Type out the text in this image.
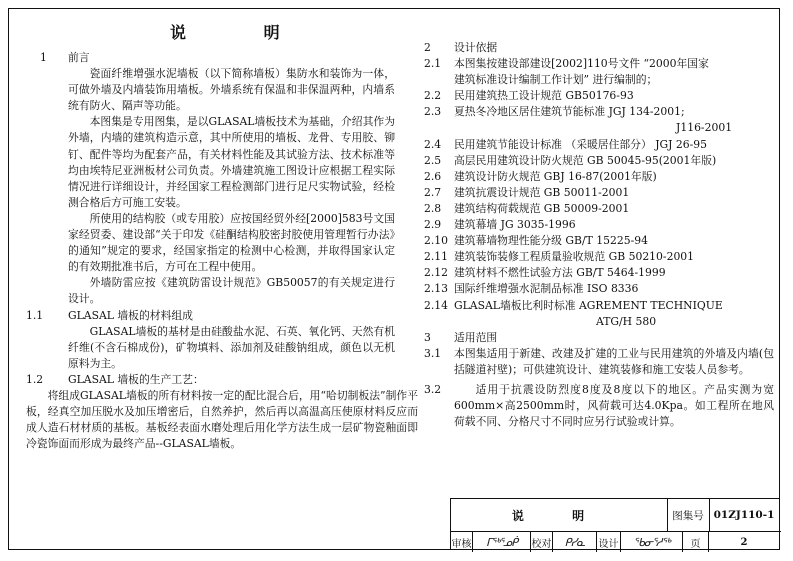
说 明
1 前言
瓷面纤维增强水泥墙板（以下简称墙板）集防水和装饰为一体，可做外墙及内墙装饰用墙板。外墙系统有保温和非保温两种，内墙系统有防火、隔声等功能。
本图集是专用图集，是以GLASAL墙板技术为基础，介绍其作为外墙，内墙的建筑构造示意，其中所使用的墙板、龙骨、专用胶、铆钉、配件等均为配套产品，有关材料性能及其试验方法、技术标准等均由埃特尼亚洲板材公司负责。外墙建筑施工图设计应根据工程实际情况进行详细设计，并经国家工程检测部门进行足尺实物试验，经检测合格后方可施工安装。
所使用的结构胶（或专用胶）应按国经贸外经[2000]583号文国家经贸委、建设部“关于印发《硅酮结构胶密封胶使用管理暂行办法》的通知”规定的要求，经国家指定的检测中心检测，并取得国家认定的有效期批准书后，方可在工程中使用。
外墙防雷应按《建筑防雷设计规范》GB50057的有关规定进行设计。
1.1 GLASAL 墙板的材料组成
GLASAL墙板的基材是由硅酸盐水泥、石英、氧化钙、天然有机纤维(不含石棉成份)，矿物填料、添加剂及硅酸钠组成，颜色以无机原料为主。
1.2 GLASAL 墙板的生产工艺：
将组成GLASAL墙板的所有材料按一定的配比混合后，用“哈切制板法”制作平板，经真空加压脱水及加压增密后，自然养护，然后再以高温高压使原材料反应而成人造石材材质的基板。基板经表面水磨处理后用化学方法生成一层矿物瓷釉面即冷瓷饰面而形成为最终产品--GLASAL墙板。
2 设计依据
2.1	本图集按建设部建设[2002]110号文件 “2000年国家
建筑标准设计编制工作计划” 进行编制的；
2.2	民用建筑热工设计规范 GB50176-93
2.3	夏热冬冷地区居住建筑节能标准 JGJ 134-2001;
J116-2001
2.4	民用建筑节能设计标准 （采暖居住部分） JGJ 26-95
2.5	高层民用建筑设计防火规范 GB 50045-95(2001年版)
2.6	建筑设计防火规范 GBJ 16-87(2001年版)
2.7	建筑抗震设计规范 GB 50011-2001
2.8	建筑结构荷载规范 GB 50009-2001
2.9	建筑幕墙 JG 3035-1996
2.10 建筑幕墙物理性能分级 GB/T 15225-94
2.11 建筑装饰装修工程质量验收规范 GB 50210-2001
2.12 建筑材料不燃性试验方法 GB/T 5464-1999
2.13 国际纤维增强水泥制品标准 ISO 8336
2.14 GLASAL墙板比利时标准 AGREMENT TECHNIQUE
ATG/H 580
3 适用范围
3.1	本图集适用于新建、改建及扩建的工业与民用建筑的外墙及内墙(包括隧道衬壁)；可供建筑设计、建筑装修和施工安装人员参考。
3.2	适用于抗震设防烈度8度及8度以下的地区。产品实测为宽600mm×高2500mm时，风荷载可达4.0Kpa。如工程所在地风荷载不同、分格尺寸不同时应另行试验或计算。
说 明	图集号 01ZJ110-1
审核	ᒥᖅᕐᓄᑮ	校对	ᑭᓯᓇ	设计	ᖃᓂᕐᓱᖅ	页	2
